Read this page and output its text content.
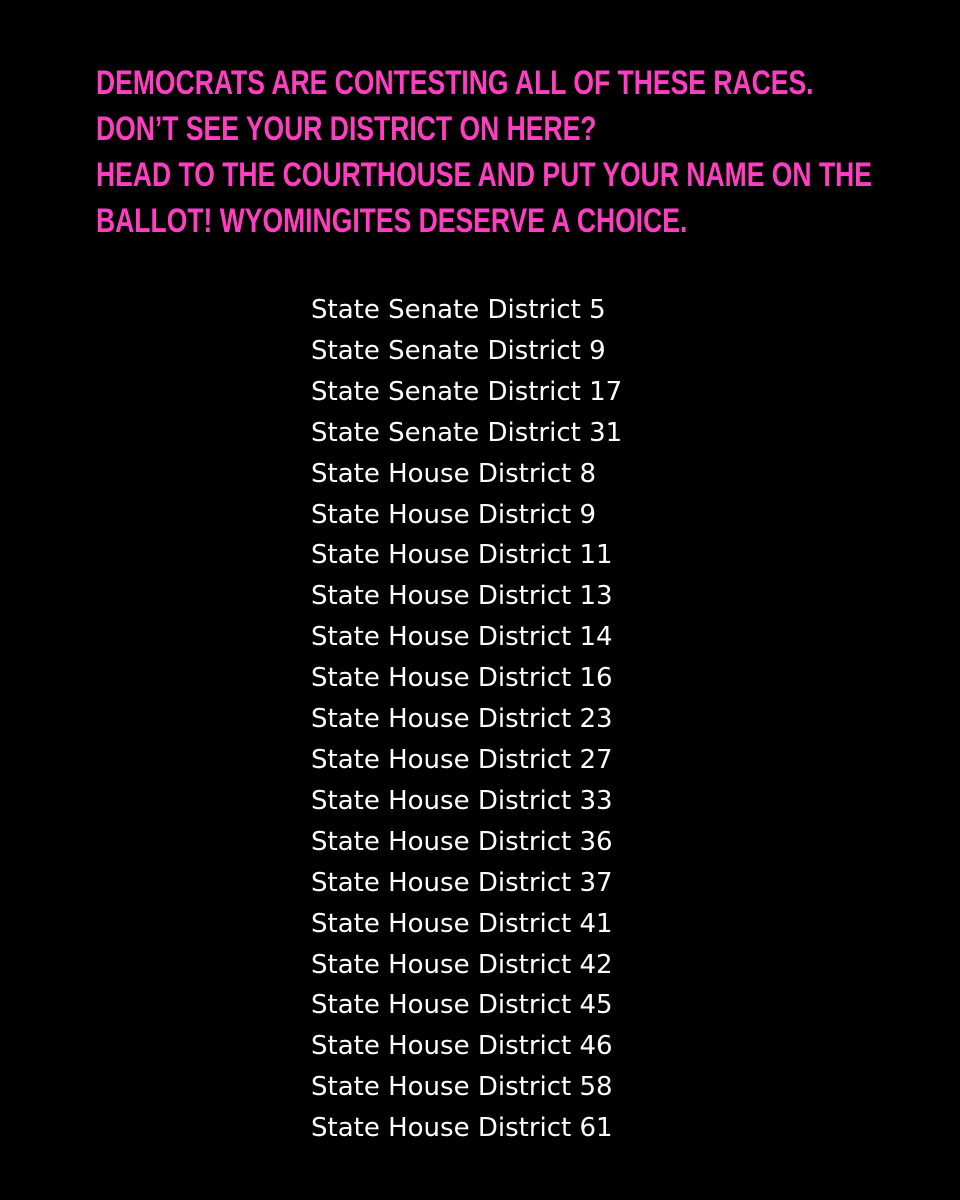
DEMOCRATS ARE CONTESTING ALL OF THESE RACES.
DON’T SEE YOUR DISTRICT ON HERE?
HEAD TO THE COURTHOUSE AND PUT YOUR NAME ON THE
BALLOT! WYOMINGITES DESERVE A CHOICE.
State Senate District 5
State Senate District 9
State Senate District 17
State Senate District 31
State House District 8
State House District 9
State House District 11
State House District 13
State House District 14
State House District 16
State House District 23
State House District 27
State House District 33
State House District 36
State House District 37
State House District 41
State House District 42
State House District 45
State House District 46
State House District 58
State House District 61
